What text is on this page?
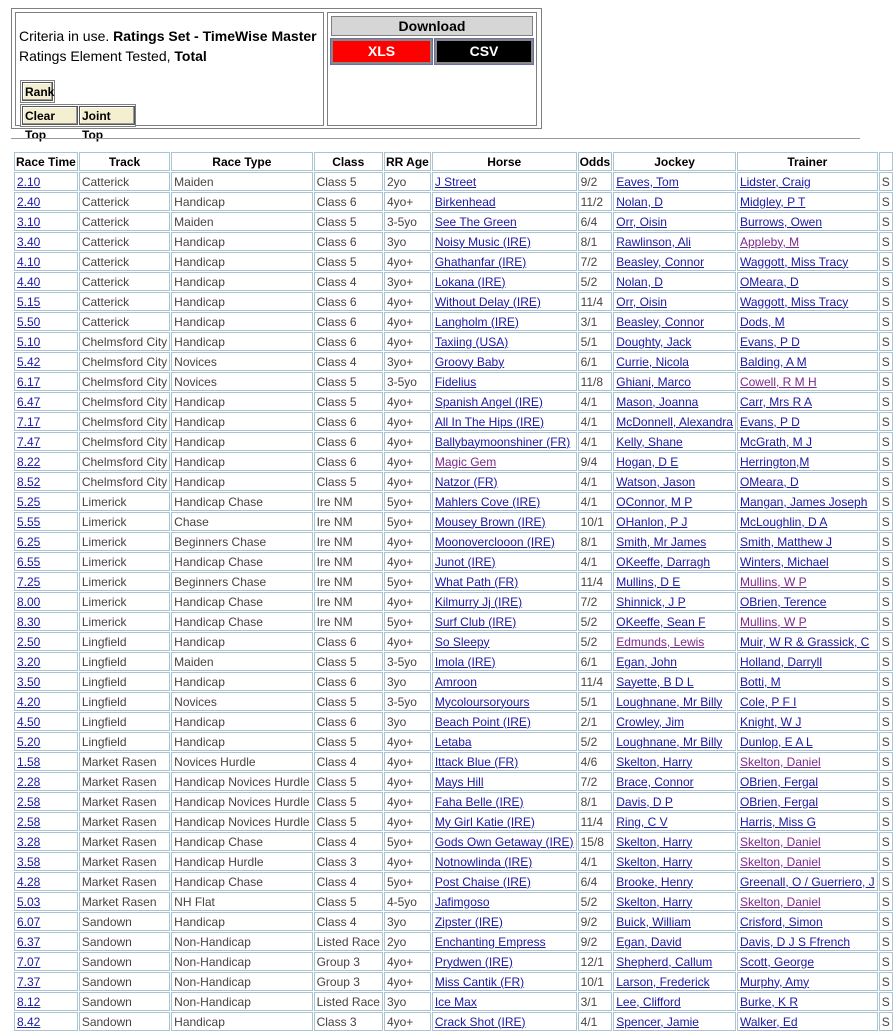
Criteria in use. Ratings Set - TimeWise Master
Ratings Element Tested, Total
Rank
Clear Top
Joint Top
Download
XLS	CSV
Race Time	Track	Race Type	Class	RR Age	Horse	Odds	Jockey	Trainer	
2.10	Catterick	Maiden	Class 5	2yo	J Street	9/2	Eaves, Tom	Lidster, Craig	S
2.40	Catterick	Handicap	Class 6	4yo+	Birkenhead	11/2	Nolan, D	Midgley, P T	S
3.10	Catterick	Maiden	Class 5	3-5yo	See The Green	6/4	Orr, Oisin	Burrows, Owen	S
3.40	Catterick	Handicap	Class 6	3yo	Noisy Music (IRE)	8/1	Rawlinson, Ali	Appleby, M	S
4.10	Catterick	Handicap	Class 5	4yo+	Ghathanfar (IRE)	7/2	Beasley, Connor	Waggott, Miss Tracy	S
4.40	Catterick	Handicap	Class 4	3yo+	Lokana (IRE)	5/2	Nolan, D	OMeara, D	S
5.15	Catterick	Handicap	Class 6	4yo+	Without Delay (IRE)	11/4	Orr, Oisin	Waggott, Miss Tracy	S
5.50	Catterick	Handicap	Class 6	4yo+	Langholm (IRE)	3/1	Beasley, Connor	Dods, M	S
5.10	Chelmsford City	Handicap	Class 6	4yo+	Taxiing (USA)	5/1	Doughty, Jack	Evans, P D	S
5.42	Chelmsford City	Novices	Class 4	3yo+	Groovy Baby	6/1	Currie, Nicola	Balding, A M	S
6.17	Chelmsford City	Novices	Class 5	3-5yo	Fidelius	11/8	Ghiani, Marco	Cowell, R M H	S
6.47	Chelmsford City	Handicap	Class 5	4yo+	Spanish Angel (IRE)	4/1	Mason, Joanna	Carr, Mrs R A	S
7.17	Chelmsford City	Handicap	Class 6	4yo+	All In The Hips (IRE)	4/1	McDonnell, Alexandra	Evans, P D	S
7.47	Chelmsford City	Handicap	Class 6	4yo+	Ballybaymoonshiner (FR)	4/1	Kelly, Shane	McGrath, M J	S
8.22	Chelmsford City	Handicap	Class 6	4yo+	Magic Gem	9/4	Hogan, D E	Herrington,M	S
8.52	Chelmsford City	Handicap	Class 5	4yo+	Natzor (FR)	4/1	Watson, Jason	OMeara, D	S
5.25	Limerick	Handicap Chase	Ire NM	5yo+	Mahlers Cove (IRE)	4/1	OConnor, M P	Mangan, James Joseph	S
5.55	Limerick	Chase	Ire NM	5yo+	Mousey Brown (IRE)	10/1	OHanlon, P J	McLoughlin, D A	S
6.25	Limerick	Beginners Chase	Ire NM	4yo+	Moonoverclooon (IRE)	8/1	Smith, Mr James	Smith, Matthew J	S
6.55	Limerick	Handicap Chase	Ire NM	4yo+	Junot (IRE)	4/1	OKeeffe, Darragh	Winters, Michael	S
7.25	Limerick	Beginners Chase	Ire NM	5yo+	What Path (FR)	11/4	Mullins, D E	Mullins, W P	S
8.00	Limerick	Handicap Chase	Ire NM	4yo+	Kilmurry Jj (IRE)	7/2	Shinnick, J P	OBrien, Terence	S
8.30	Limerick	Handicap Chase	Ire NM	5yo+	Surf Club (IRE)	5/2	OKeeffe, Sean F	Mullins, W P	S
2.50	Lingfield	Handicap	Class 6	4yo+	So Sleepy	5/2	Edmunds, Lewis	Muir, W R & Grassick, C	S
3.20	Lingfield	Maiden	Class 5	3-5yo	Imola (IRE)	6/1	Egan, John	Holland, Darryll	S
3.50	Lingfield	Handicap	Class 6	3yo	Amroon	11/4	Sayette, B D L	Botti, M	S
4.20	Lingfield	Novices	Class 5	3-5yo	Mycoloursoryours	5/1	Loughnane, Mr Billy	Cole, P F I	S
4.50	Lingfield	Handicap	Class 6	3yo	Beach Point (IRE)	2/1	Crowley, Jim	Knight, W J	S
5.20	Lingfield	Handicap	Class 5	4yo+	Letaba	5/2	Loughnane, Mr Billy	Dunlop, E A L	S
1.58	Market Rasen	Novices Hurdle	Class 4	4yo+	Ittack Blue (FR)	4/6	Skelton, Harry	Skelton, Daniel	S
2.28	Market Rasen	Handicap Novices Hurdle	Class 5	4yo+	Mays Hill	7/2	Brace, Connor	OBrien, Fergal	S
2.58	Market Rasen	Handicap Novices Hurdle	Class 5	4yo+	Faha Belle (IRE)	8/1	Davis, D P	OBrien, Fergal	S
2.58	Market Rasen	Handicap Novices Hurdle	Class 5	4yo+	My Girl Katie (IRE)	11/4	Ring, C V	Harris, Miss G	S
3.28	Market Rasen	Handicap Chase	Class 4	5yo+	Gods Own Getaway (IRE)	15/8	Skelton, Harry	Skelton, Daniel	S
3.58	Market Rasen	Handicap Hurdle	Class 3	4yo+	Notnowlinda (IRE)	4/1	Skelton, Harry	Skelton, Daniel	S
4.28	Market Rasen	Handicap Chase	Class 4	5yo+	Post Chaise (IRE)	6/4	Brooke, Henry	Greenall, O / Guerriero, J	S
5.03	Market Rasen	NH Flat	Class 5	4-5yo	Jafimgoso	5/2	Skelton, Harry	Skelton, Daniel	S
6.07	Sandown	Handicap	Class 4	3yo	Zipster (IRE)	9/2	Buick, William	Crisford, Simon	S
6.37	Sandown	Non-Handicap	Listed Race	2yo	Enchanting Empress	9/2	Egan, David	Davis, D J S Ffrench	S
7.07	Sandown	Non-Handicap	Group 3	4yo+	Prydwen (IRE)	12/1	Shepherd, Callum	Scott, George	S
7.37	Sandown	Non-Handicap	Group 3	4yo+	Miss Cantik (FR)	10/1	Larson, Frederick	Murphy, Amy	S
8.12	Sandown	Non-Handicap	Listed Race	3yo	Ice Max	3/1	Lee, Clifford	Burke, K R	S
8.42	Sandown	Handicap	Class 3	4yo+	Crack Shot (IRE)	4/1	Spencer, Jamie	Walker, Ed	S
